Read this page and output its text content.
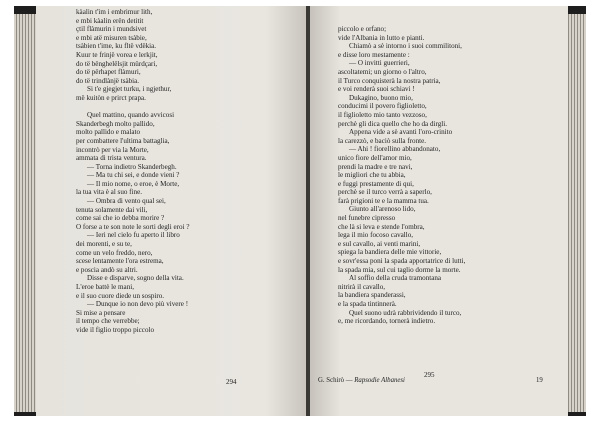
kàalin t'ìm i embrimur lith,
e mbi kàalin erën detitit
çtil flàmurin i mundsivet
e mbi atë misuren tsàbie,
tsàbien t'ime, ku fltë vdëkia.
Kuur te frinjë vorea e lerkjit,
do të bënghelëlsjit mürdçari,
do të përhapet flàmuri,
do të trindlànjë tsàbia.
Si t'e gjegjet turku, i ngjethur,
më kuitòn e prirct prapa.
Quel mattino, quando avvicosi
Skanderbegh molto pallido,
molto pallido e malato
per combattere l'ultima battaglia,
incontrò per via la Morte,
ammata di trista ventura.
— Torna indietro Skanderbegh.
— Ma tu chi sei, e donde vieni ?
— Il mio nome, o eroe, è Morte,
la tua vita è al suo fine.
— Ombra di vento qual sei,
tenuta solamente dai vili,
come sai che io debba morire ?
O forse a te son note le sorti degli eroi ?
— Ieri nel cielo fu aperto il libro
dei morenti, e su te,
come un velo freddo, nero,
scese lentamente l'ora estrema,
e poscia andò su altri.
Disse e disparve, sogno della vita.
L'eroe battè le mani,
e il suo cuore diede un sospiro.
— Dunque io non devo più vivere !
Si mise a pensare
il tempo che verrebbe;
vide il figlio troppo piccolo
294
piccolo e orfano;
vide l'Albania in lutto e pianti.
Chiamò a sè intorno i suoi commilitoni,
e disse loro mestamente :
— O invitti guerrieri,
ascoltatemi; un giorno o l'altro,
il Turco conquisterà la nostra patria,
e voi renderà suoi schiavi !
Dukagino, buono mio,
conducimi il povero figlioletto,
il figlioletto mio tanto vezzoso,
perchè gli dica quello che ho da dirgli.
Appena vide a sè avanti l'oro-crinito
la carezzò, e baciò sulla fronte.
— Ahi ! fiorellino abbandonato,
unico fiore dell'amor mio,
prendi la madre e tre navi,
le migliori che tu abbia,
e fuggi prestamente di qui,
perchè se il turco verrà a saperlo,
farà prigioni te e la mamma tua.
Giunto all'arenoso lido,
nel funebre cipresso
che là si leva e stende l'ombra,
lega il mio focoso cavallo,
e sul cavallo, ai venti marini,
spiega la bandiera delle mie vittorie,
e sovr'essa poni la spada apportatrice di lutti,
la spada mia, sul cui taglio dorme la morte.
Al soffio della cruda tramontana
nitrirà il cavallo,
la bandiera spanderassi,
e la spada tintinnerà.
Quel suono udrà rabbrividendo il turco,
e, me ricordando, tornerà indietro.
295
G. Schirò — Rapsodie Albanesi	19
